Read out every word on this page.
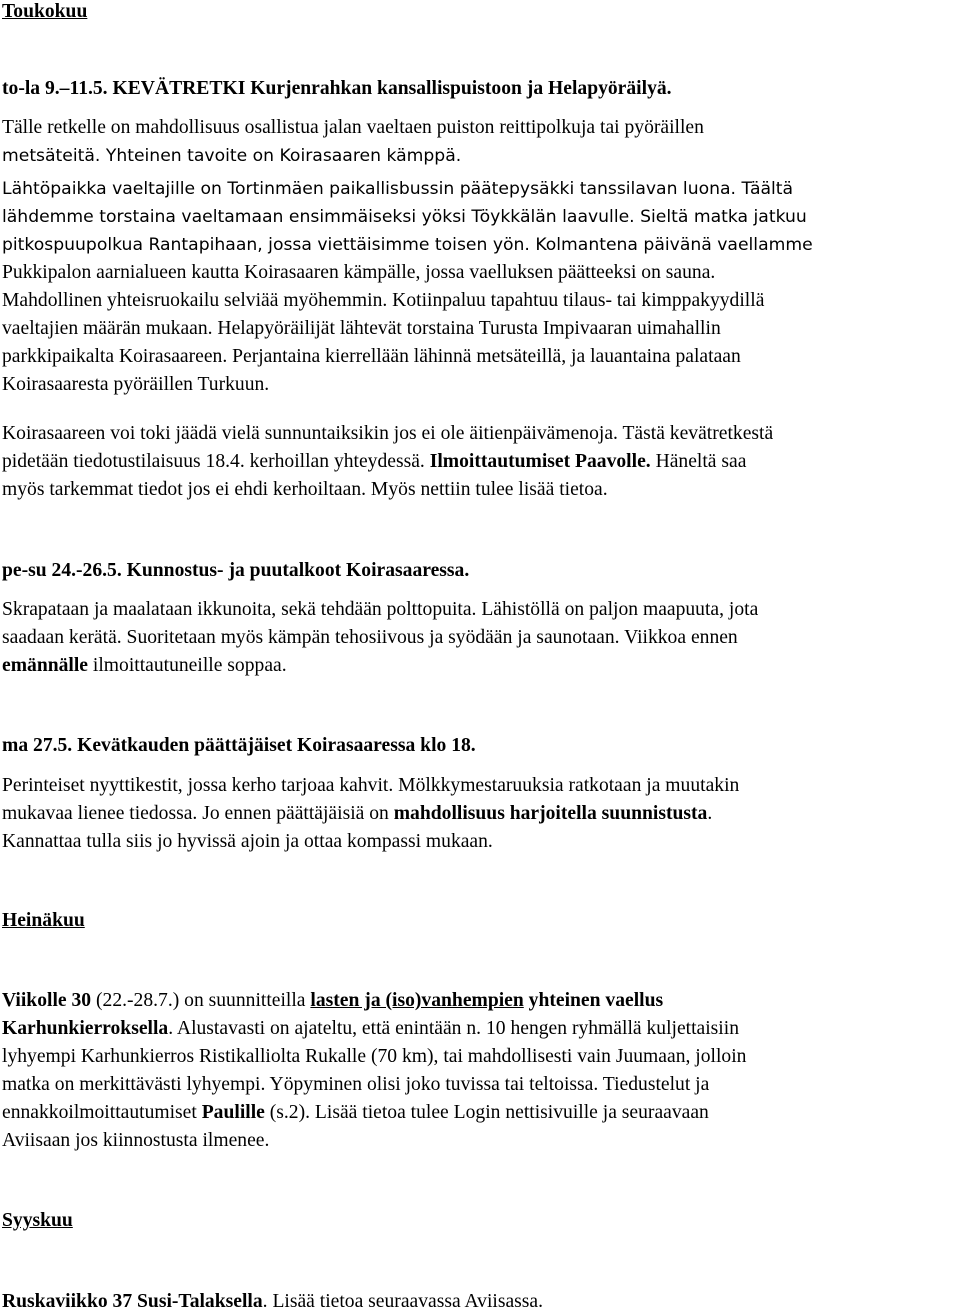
Toukokuu
to-la 9.–11.5. KEVÄTRETKI Kurjenrahkan kansallispuistoon ja Helapyöräilyä.
Tälle retkelle on mahdollisuus osallistua jalan vaeltaen puiston reittipolkuja tai pyöräillen
metsäteitä. Yhteinen tavoite on Koirasaaren kämppä.
Lähtöpaikka vaeltajille on Tortinmäen paikallisbussin päätepysäkki tanssilavan luona. Täältä
lähdemme torstaina vaeltamaan ensimmäiseksi yöksi Töykkälän laavulle. Sieltä matka jatkuu
pitkospuupolkua Rantapihaan, jossa viettäisimme toisen yön. Kolmantena päivänä vaellamme
Pukkipalon aarnialueen kautta Koirasaaren kämpälle, jossa vaelluksen päätteeksi on sauna.
Mahdollinen yhteisruokailu selviää myöhemmin. Kotiinpaluu tapahtuu tilaus- tai kimppakyydillä
vaeltajien määrän mukaan. Helapyöräilijät lähtevät torstaina Turusta Impivaaran uimahallin
parkkipaikalta Koirasaareen. Perjantaina kierrellään lähinnä metsäteillä, ja lauantaina palataan
Koirasaaresta pyöräillen Turkuun.
Koirasaareen voi toki jäädä vielä sunnuntaiksikin jos ei ole äitienpäivämenoja. Tästä kevätretkestä
pidetään tiedotustilaisuus 18.4. kerhoillan yhteydessä. Ilmoittautumiset Paavolle. Häneltä saa
myös tarkemmat tiedot jos ei ehdi kerhoiltaan. Myös nettiin tulee lisää tietoa.
pe-su 24.-26.5. Kunnostus- ja puutalkoot Koirasaaressa.
Skrapataan ja maalataan ikkunoita, sekä tehdään polttopuita. Lähistöllä on paljon maapuuta, jota
saadaan kerätä. Suoritetaan myös kämpän tehosiivous ja syödään ja saunotaan. Viikkoa ennen
emännälle ilmoittautuneille soppaa.
ma 27.5. Kevätkauden päättäjäiset Koirasaaressa klo 18.
Perinteiset nyyttikestit, jossa kerho tarjoaa kahvit. Mölkkymestaruuksia ratkotaan ja muutakin
mukavaa lienee tiedossa. Jo ennen päättäjäisiä on mahdollisuus harjoitella suunnistusta.
Kannattaa tulla siis jo hyvissä ajoin ja ottaa kompassi mukaan.
Heinäkuu
Viikolle 30 (22.-28.7.) on suunnitteilla lasten ja (iso)vanhempien yhteinen vaellus
Karhunkierroksella. Alustavasti on ajateltu, että enintään n. 10 hengen ryhmällä kuljettaisiin
lyhyempi Karhunkierros Ristikalliolta Rukalle (70 km), tai mahdollisesti vain Juumaan, jolloin
matka on merkittävästi lyhyempi. Yöpyminen olisi joko tuvissa tai teltoissa. Tiedustelut ja
ennakkoilmoittautumiset Paulille (s.2). Lisää tietoa tulee Login nettisivuille ja seuraavaan
Aviisaan jos kiinnostusta ilmenee.
Syyskuu
Ruskaviikko 37 Susi-Talaksella. Lisää tietoa seuraavassa Aviisassa.
